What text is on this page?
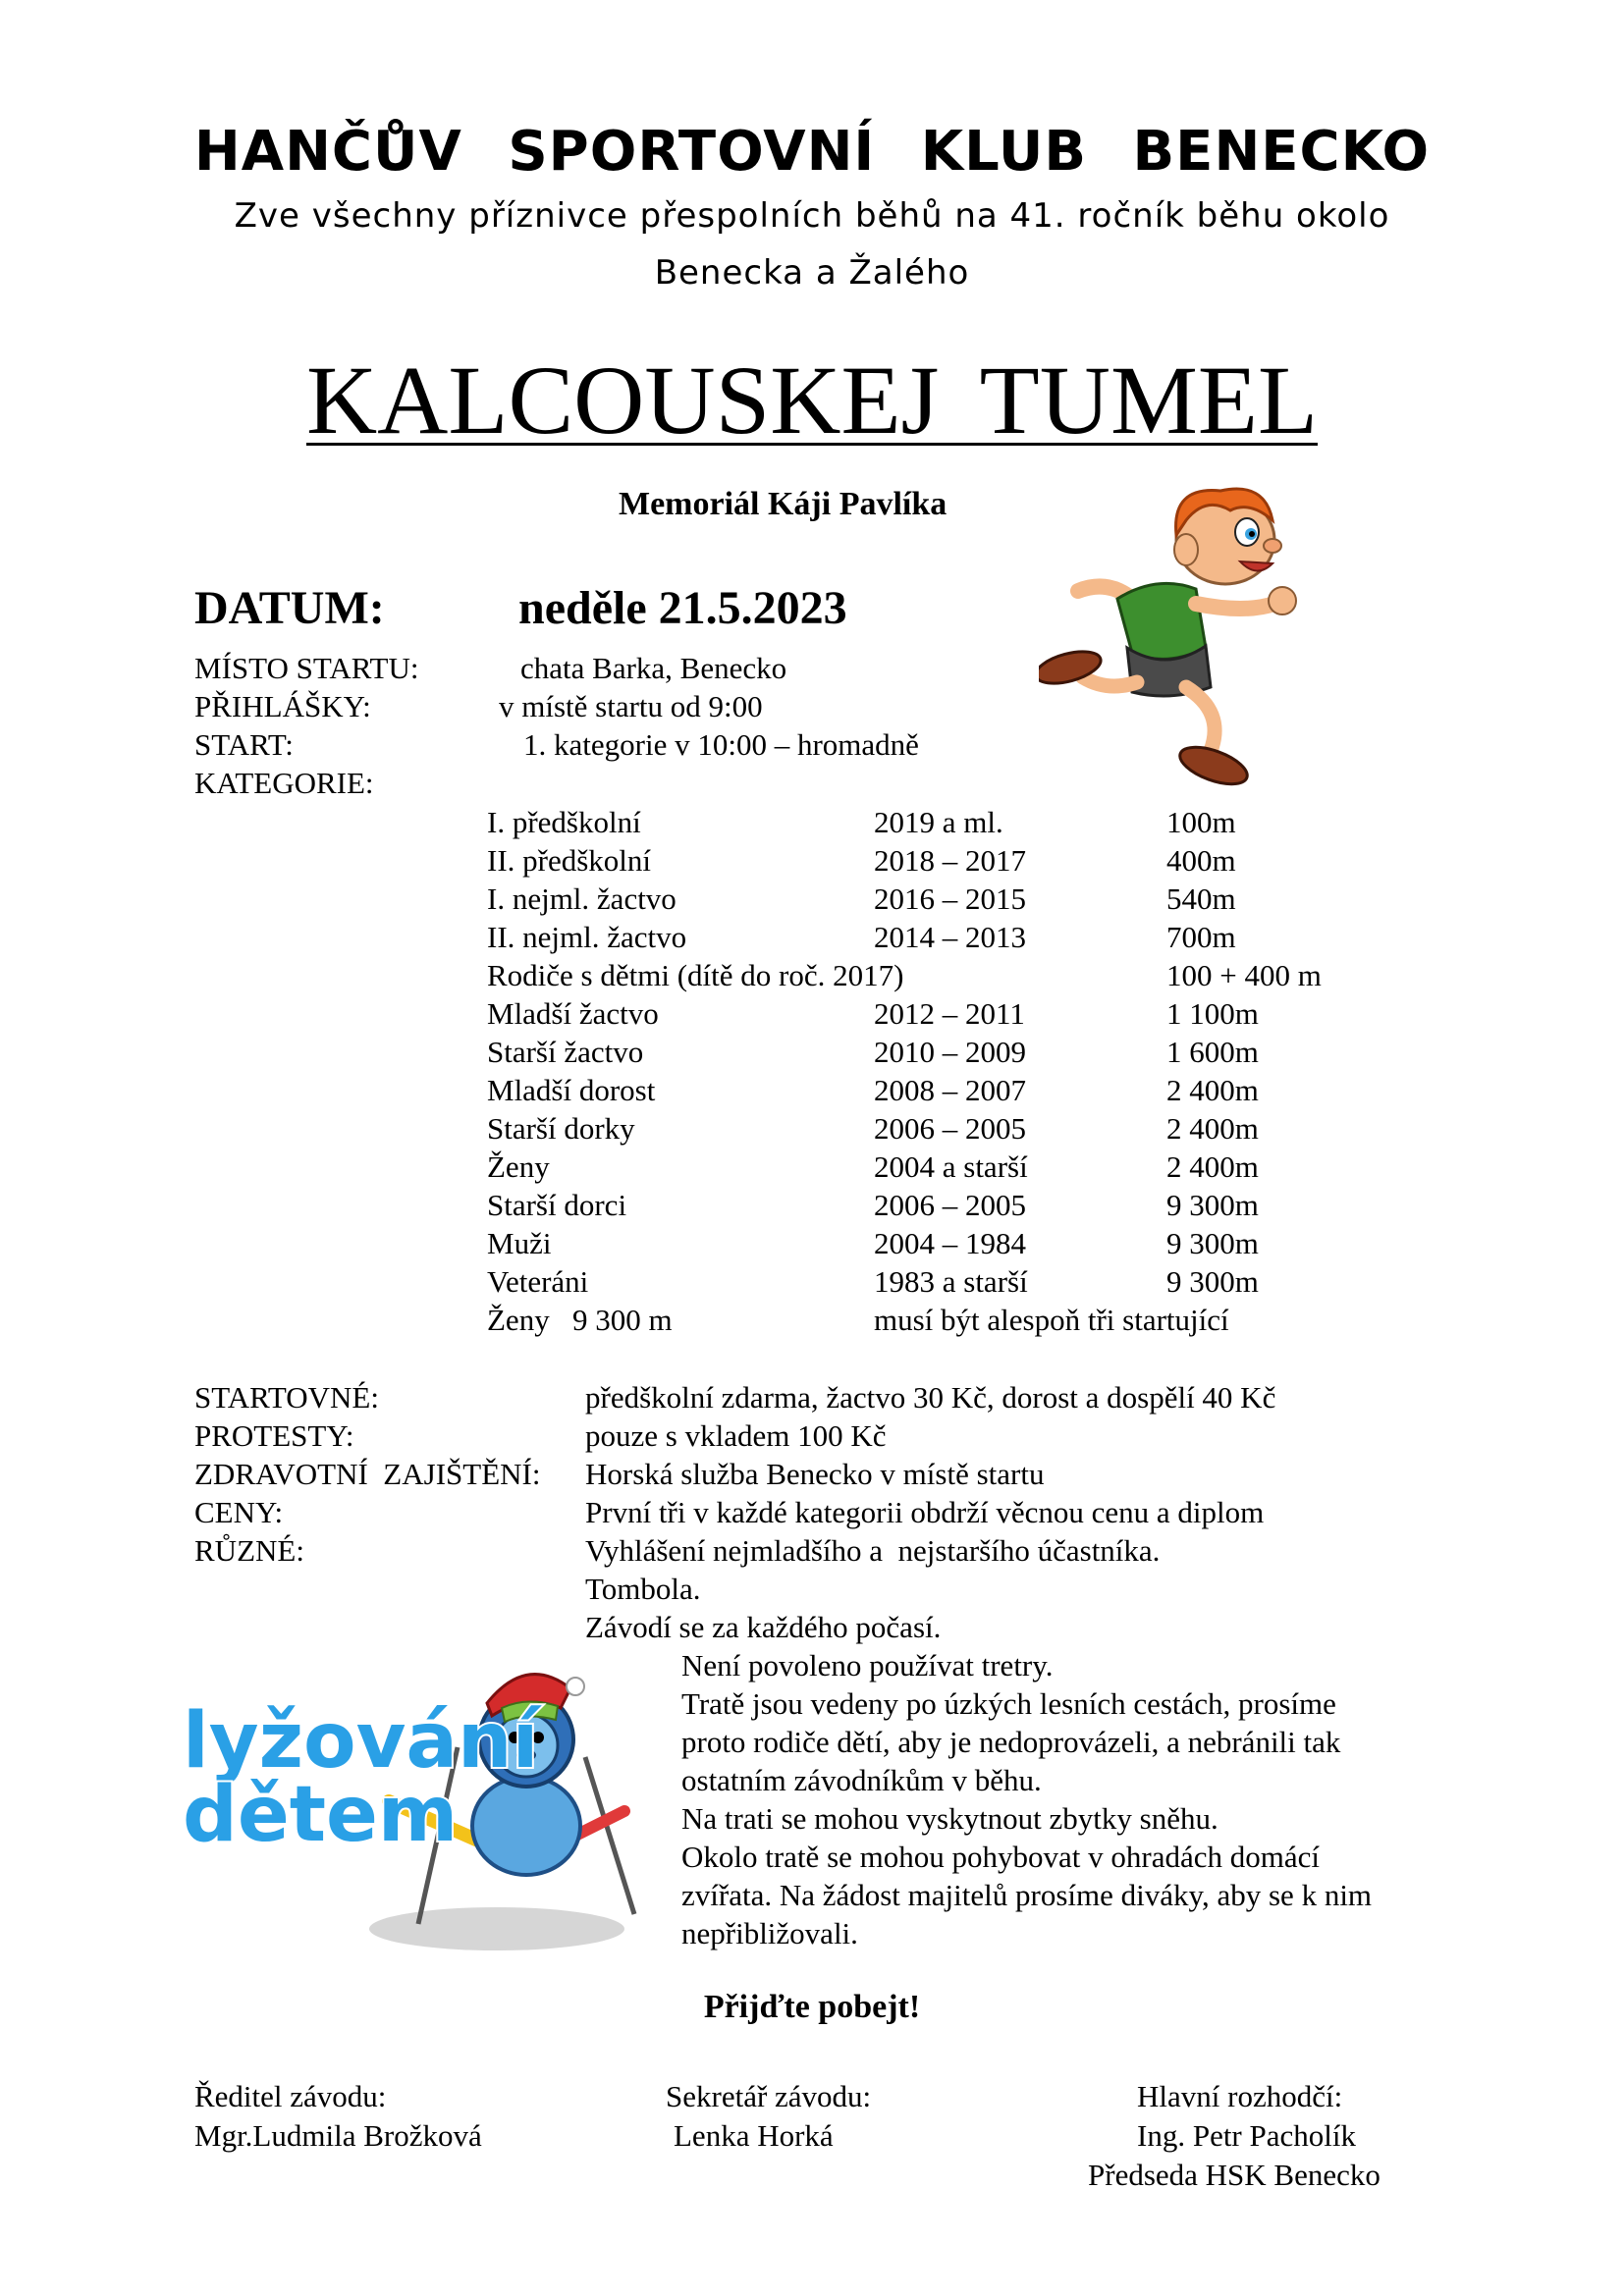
HANČŮV SPORTOVNÍ KLUB BENECKO
Zve všechny příznivce přespolních běhů na 41. ročník běhu okolo
Benecka a Žalého
KALCOUSKEJ TUMEL
Memoriál Káji Pavlíka
DATUM:	neděle 21.5.2023
MÍSTO STARTU:	chata Barka, Benecko
PŘIHLÁŠKY:	v místě startu od 9:00
START:	1. kategorie v 10:00 – hromadně
KATEGORIE:
I. předškolní	2019 a ml.	100m
II. předškolní	2018 – 2017	400m
I. nejml. žactvo	2016 – 2015	540m
II. nejml. žactvo	2014 – 2013	700m
Rodiče s dětmi (dítě do roč. 2017)	100 + 400 m
Mladší žactvo	2012 – 2011	1 100m
Starší žactvo	2010 – 2009	1 600m
Mladší dorost	2008 – 2007	2 400m
Starší dorky	2006 – 2005	2 400m
Ženy	2004 a starší	2 400m
Starší dorci	2006 – 2005	9 300m
Muži	2004 – 1984	9 300m
Veteráni	1983 a starší	9 300m
Ženy   9 300 m	musí být alespoň tři startující
STARTOVNÉ:	předškolní zdarma, žactvo 30 Kč, dorost a dospělí 40 Kč
PROTESTY:	pouze s vkladem 100 Kč
ZDRAVOTNÍ  ZAJIŠTĚNÍ: Horská služba Benecko v místě startu
CENY:	První tři v každé kategorii obdrží věcnou cenu a diplom
RŮZNÉ:	Vyhlášení nejmladšího a  nejstaršího účastníka.
Tombola.
Závodí se za každého počasí.
Není povoleno používat tretry.
Tratě jsou vedeny po úzkých lesních cestách, prosíme
proto rodiče dětí, aby je nedoprovázeli, a nebránili tak
ostatním závodníkům v běhu.
Na trati se mohou vyskytnout zbytky sněhu.
Okolo tratě se mohou pohybovat v ohradách domácí
zvířata. Na žádost majitelů prosíme diváky, aby se k nim
nepřibližovali.
lyžování
dětem
Přijďte pobejt!
Ředitel závodu:
Mgr.Ludmila Brožková
Sekretář závodu:
Lenka Horká
Hlavní rozhodčí:
Ing. Petr Pacholík
Předseda HSK Benecko
